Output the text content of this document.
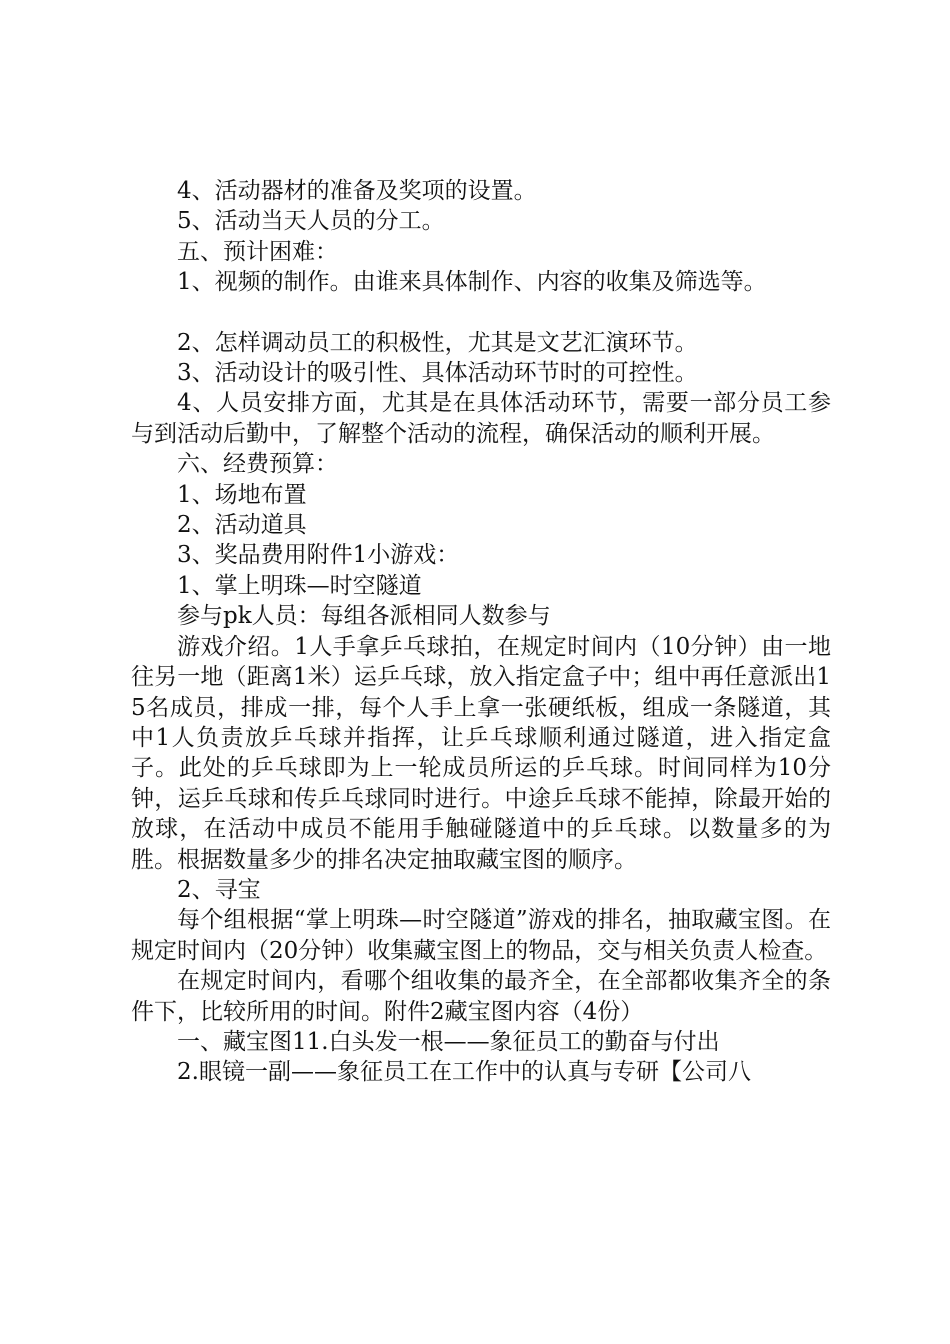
4、活动器材的准备及奖项的设置。

5、活动当天人员的分工。

五、预计困难：

1、视频的制作。由谁来具体制作、内容的收集及筛选等。

2、怎样调动员工的积极性，尤其是文艺汇演环节。

3、活动设计的吸引性、具体活动环节时的可控性。

4、人员安排方面，尤其是在具体活动环节，需要一部分员工参与到活动后勤中，了解整个活动的流程，确保活动的顺利开展。

六、经费预算：

1、场地布置

2、活动道具

3、奖品费用附件1小游戏：

1、掌上明珠—时空隧道

参与pk人员：每组各派相同人数参与

游戏介绍。1人手拿乒乓球拍，在规定时间内（10分钟）由一地往另一地（距离1米）运乒乓球，放入指定盒子中；组中再任意派出15名成员，排成一排，每个人手上拿一张硬纸板，组成一条隧道，其中1人负责放乒乓球并指挥，让乒乓球顺利通过隧道，进入指定盒子。此处的乒乓球即为上一轮成员所运的乒乓球。时间同样为10分钟，运乒乓球和传乒乓球同时进行。中途乒乓球不能掉，除最开始的放球，在活动中成员不能用手触碰隧道中的乒乓球。以数量多的为胜。根据数量多少的排名决定抽取藏宝图的顺序。

2、寻宝

每个组根据“掌上明珠—时空隧道”游戏的排名，抽取藏宝图。在规定时间内（20分钟）收集藏宝图上的物品，交与相关负责人检查。

在规定时间内，看哪个组收集的最齐全，在全部都收集齐全的条件下，比较所用的时间。附件2藏宝图内容（4份）

一、藏宝图11.白头发一根——象征员工的勤奋与付出

2.眼镜一副——象征员工在工作中的认真与专研【公司八
